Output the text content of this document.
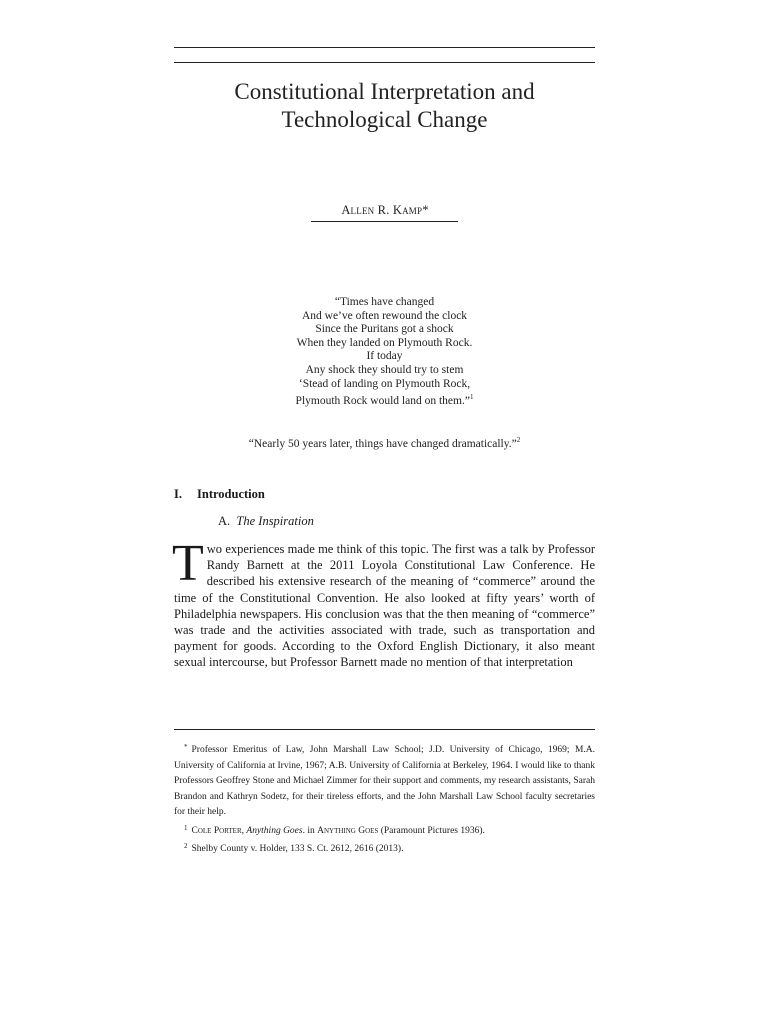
Constitutional Interpretation and
Technological Change
Allen R. Kamp*
“Times have changed
And we’ve often rewound the clock
Since the Puritans got a shock
When they landed on Plymouth Rock.
If today
Any shock they should try to stem
‘Stead of landing on Plymouth Rock,
Plymouth Rock would land on them.”$^1$
“Nearly 50 years later, things have changed dramatically.”$^2$
I. Introduction
A. The Inspiration
Two experiences made me think of this topic. The first was a talk by Professor Randy Barnett at the 2011 Loyola Constitutional Law Conference. He described his extensive research of the meaning of “commerce” around the time of the Constitutional Convention. He also looked at fifty years’ worth of Philadelphia newspapers. His conclusion was that the then meaning of “commerce” was trade and the activities associated with trade, such as transportation and payment for goods. According to the Oxford English Dictionary, it also meant sexual intercourse, but Professor Barnett made no mention of that interpretation

* Professor Emeritus of Law, John Marshall Law School; J.D. University of Chicago, 1969; M.A. University of California at Irvine, 1967; A.B. University of California at Berkeley, 1964. I would like to thank Professors Geoffrey Stone and Michael Zimmer for their support and comments, my research assistants, Sarah Brandon and Kathryn Sodetz, for their tireless efforts, and the John Marshall Law School faculty secretaries for their help.

$^1$ Cole Porter, Anything Goes. in Anything Goes (Paramount Pictures 1936).

$^2$ Shelby County v. Holder, 133 S. Ct. 2612, 2616 (2013).
